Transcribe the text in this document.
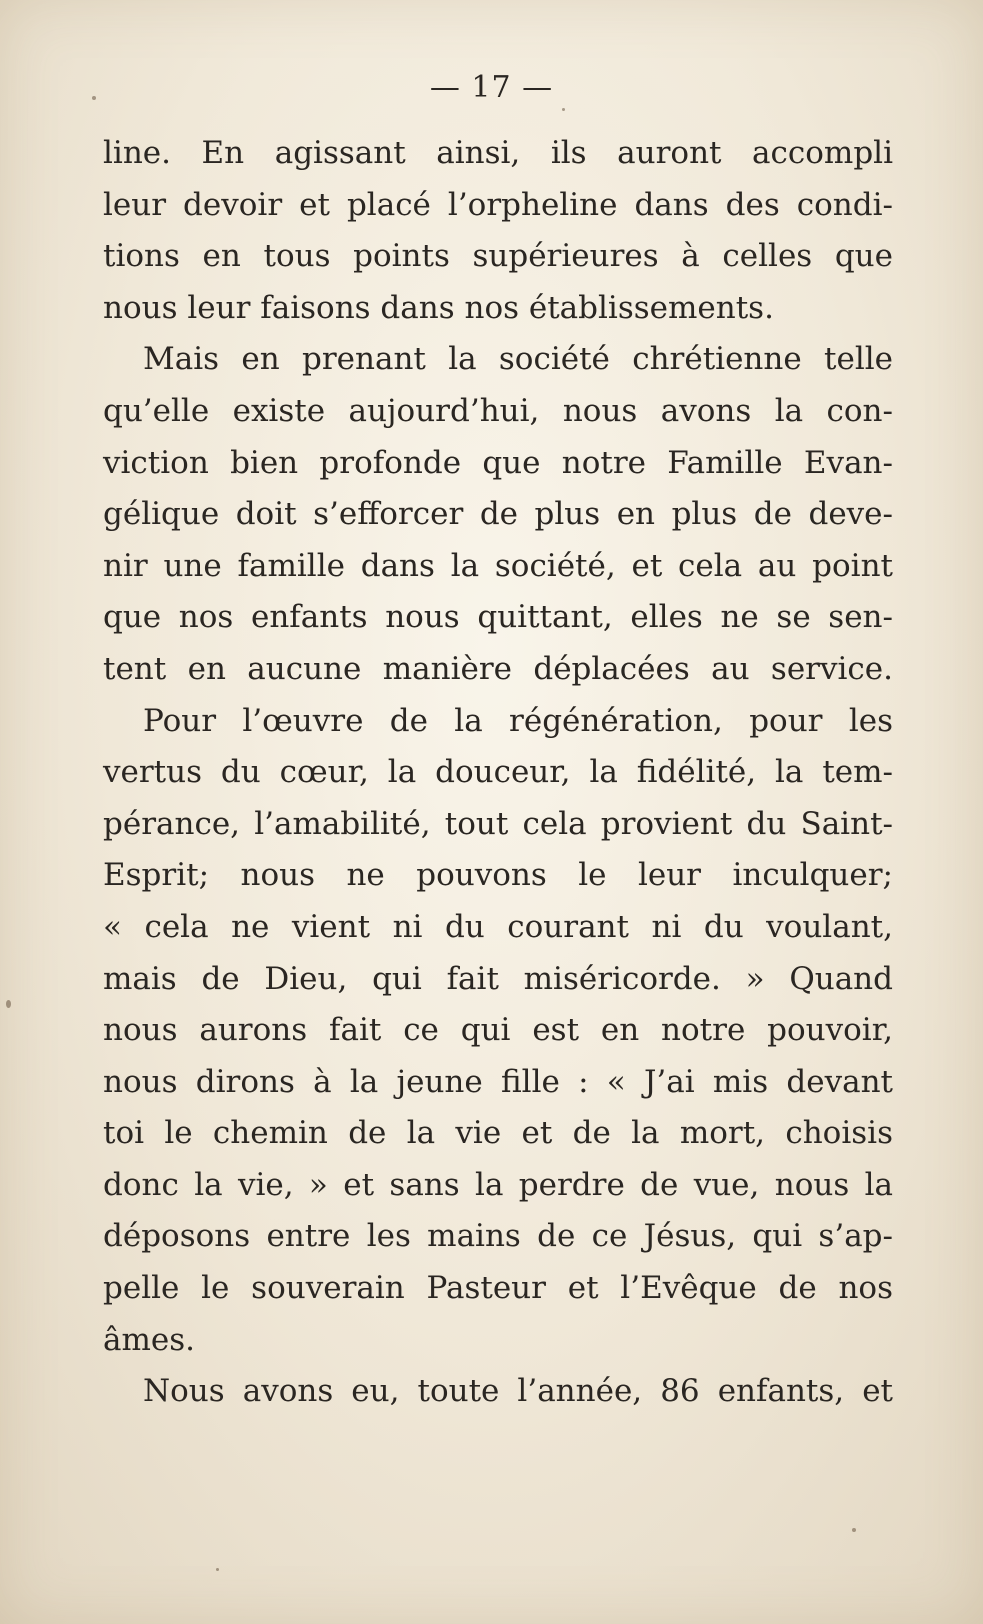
— 17 —

line. En agissant ainsi, ils auront accompli
leur devoir et placé l’orpheline dans des condi-
tions en tous points supérieures à celles que
nous leur faisons dans nos établissements.

Mais en prenant la société chrétienne telle
qu’elle existe aujourd’hui, nous avons la con-
viction bien profonde que notre Famille Evan-
gélique doit s’efforcer de plus en plus de deve-
nir une famille dans la société, et cela au point
que nos enfants nous quittant, elles ne se sen-
tent en aucune manière déplacées au service.

Pour l’œuvre de la régénération, pour les
vertus du cœur, la douceur, la fidélité, la tem-
pérance, l’amabilité, tout cela provient du Saint-
Esprit; nous ne pouvons le leur inculquer;
« cela ne vient ni du courant ni du voulant,
mais de Dieu, qui fait miséricorde. » Quand
nous aurons fait ce qui est en notre pouvoir,
nous dirons à la jeune fille : « J’ai mis devant
toi le chemin de la vie et de la mort, choisis
donc la vie, » et sans la perdre de vue, nous la
déposons entre les mains de ce Jésus, qui s’ap-
pelle le souverain Pasteur et l’Evêque de nos
âmes.

Nous avons eu, toute l’année, 86 enfants, et
